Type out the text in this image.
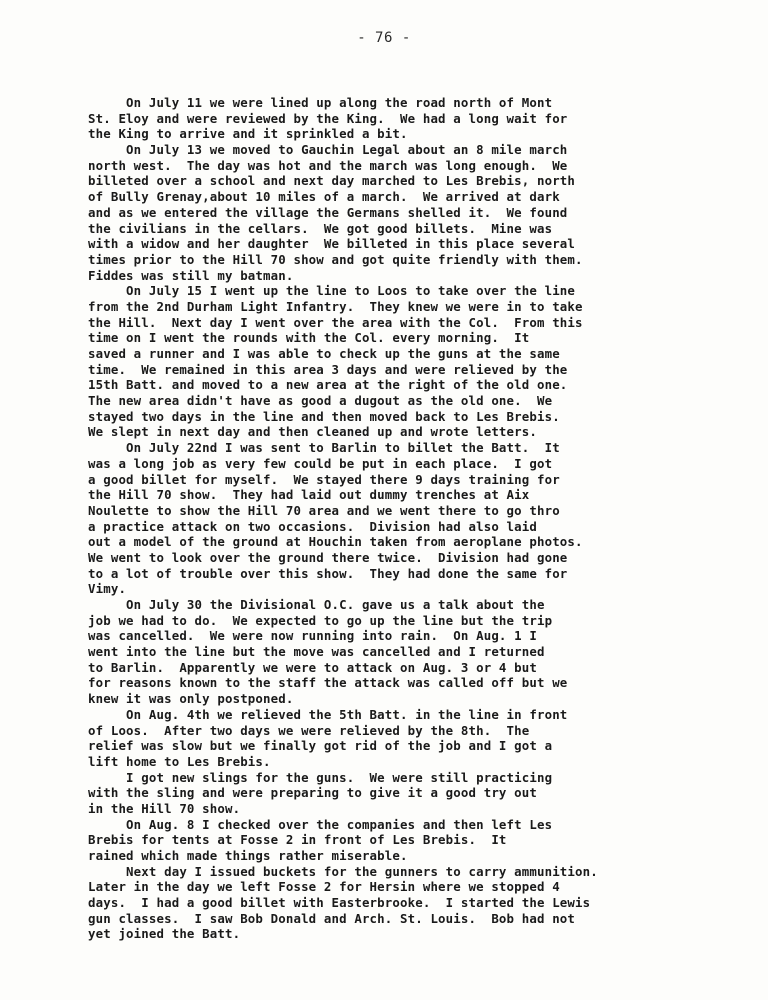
- 76 -
On July 11 we were lined up along the road north of Mont
St. Eloy and were reviewed by the King.  We had a long wait for
the King to arrive and it sprinkled a bit.
On July 13 we moved to Gauchin Legal about an 8 mile march
north west.  The day was hot and the march was long enough.  We
billeted over a school and next day marched to Les Brebis, north
of Bully Grenay,about 10 miles of a march.  We arrived at dark
and as we entered the village the Germans shelled it.  We found
the civilians in the cellars.  We got good billets.  Mine was
with a widow and her daughter  We billeted in this place several
times prior to the Hill 70 show and got quite friendly with them.
Fiddes was still my batman.
On July 15 I went up the line to Loos to take over the line
from the 2nd Durham Light Infantry.  They knew we were in to take
the Hill.  Next day I went over the area with the Col.  From this
time on I went the rounds with the Col. every morning.  It
saved a runner and I was able to check up the guns at the same
time.  We remained in this area 3 days and were relieved by the
15th Batt. and moved to a new area at the right of the old one.
The new area didn't have as good a dugout as the old one.  We
stayed two days in the line and then moved back to Les Brebis.
We slept in next day and then cleaned up and wrote letters.
On July 22nd I was sent to Barlin to billet the Batt.  It
was a long job as very few could be put in each place.  I got
a good billet for myself.  We stayed there 9 days training for
the Hill 70 show.  They had laid out dummy trenches at Aix
Noulette to show the Hill 70 area and we went there to go thro
a practice attack on two occasions.  Division had also laid
out a model of the ground at Houchin taken from aeroplane photos.
We went to look over the ground there twice.  Division had gone
to a lot of trouble over this show.  They had done the same for
Vimy.
On July 30 the Divisional O.C. gave us a talk about the
job we had to do.  We expected to go up the line but the trip
was cancelled.  We were now running into rain.  On Aug. 1 I
went into the line but the move was cancelled and I returned
to Barlin.  Apparently we were to attack on Aug. 3 or 4 but
for reasons known to the staff the attack was called off but we
knew it was only postponed.
On Aug. 4th we relieved the 5th Batt. in the line in front
of Loos.  After two days we were relieved by the 8th.  The
relief was slow but we finally got rid of the job and I got a
lift home to Les Brebis.
I got new slings for the guns.  We were still practicing
with the sling and were preparing to give it a good try out
in the Hill 70 show.
On Aug. 8 I checked over the companies and then left Les
Brebis for tents at Fosse 2 in front of Les Brebis.  It
rained which made things rather miserable.
Next day I issued buckets for the gunners to carry ammunition.
Later in the day we left Fosse 2 for Hersin where we stopped 4
days.  I had a good billet with Easterbrooke.  I started the Lewis
gun classes.  I saw Bob Donald and Arch. St. Louis.  Bob had not
yet joined the Batt.
